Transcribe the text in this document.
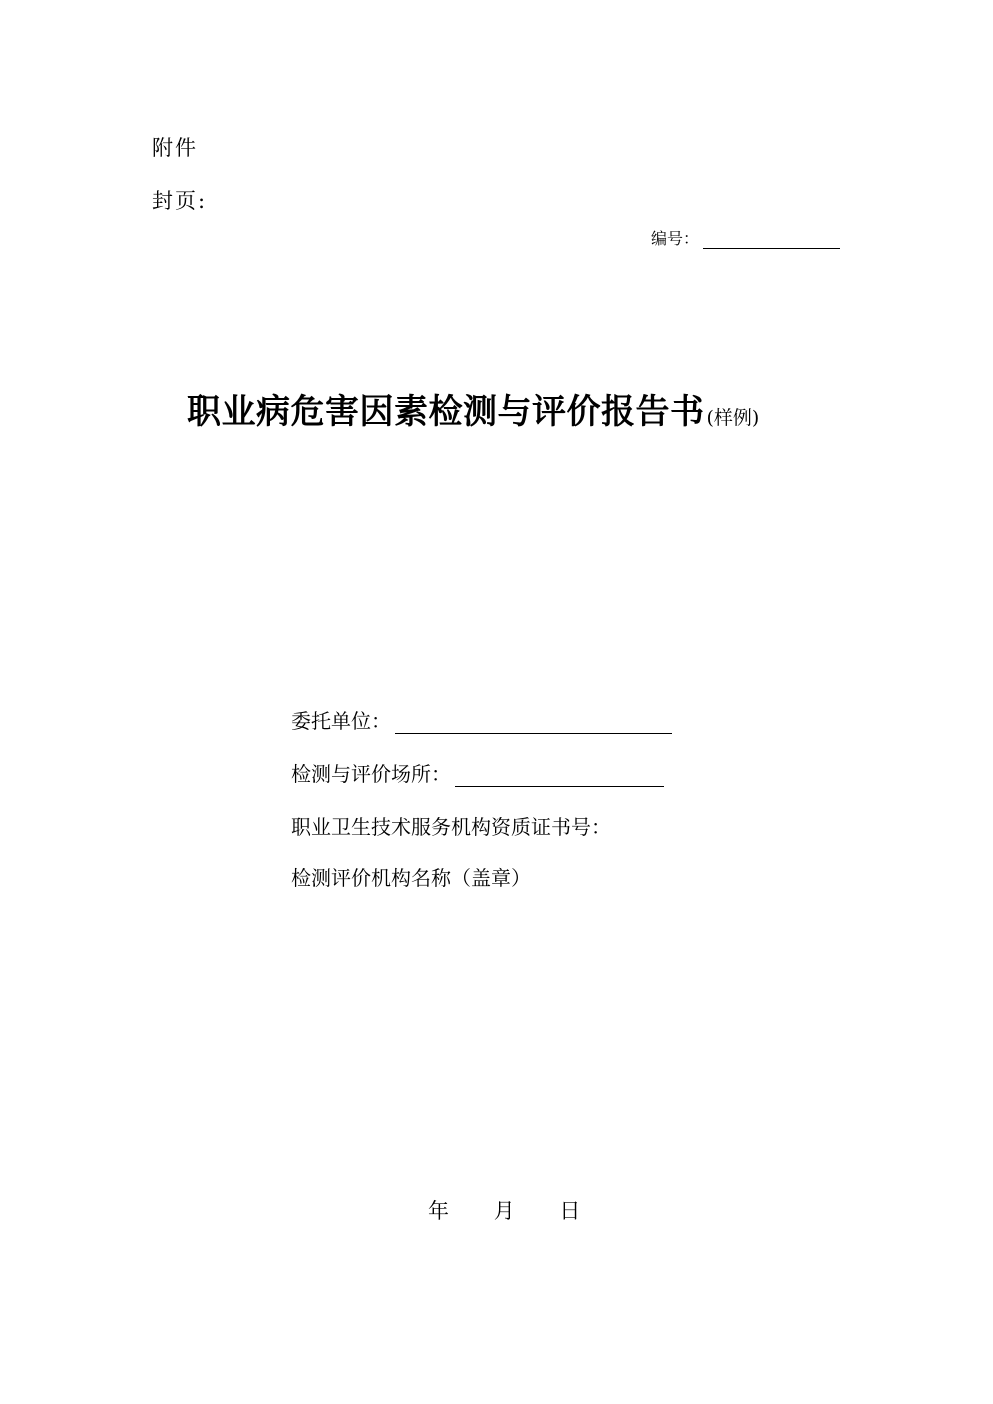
附件
封页:
编号：
职业病危害因素检测与评价报告书 (样例)
委托单位：
检测与评价场所：
职业卫生技术服务机构资质证书号：
检测评价机构名称（盖章）
年 月 日
